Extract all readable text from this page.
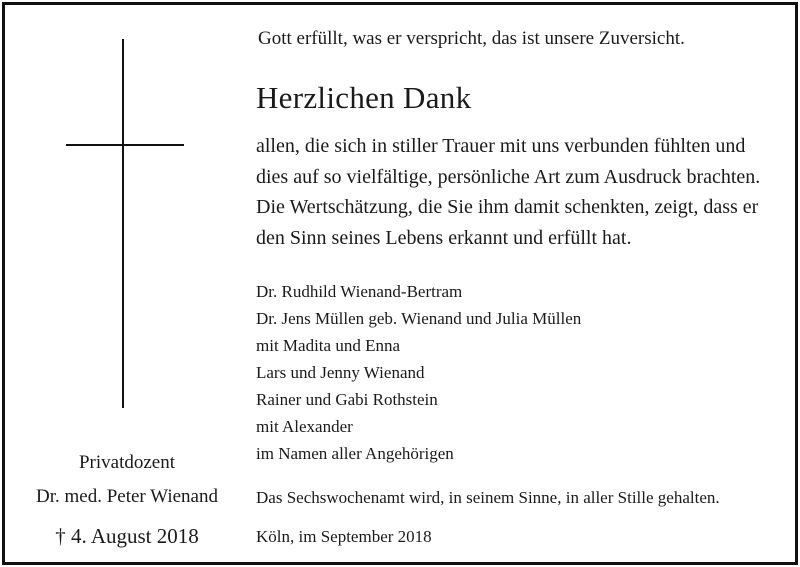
Gott erfüllt, was er verspricht, das ist unsere Zuversicht.
Herzlichen Dank
allen, die sich in stiller Trauer mit uns verbunden fühlten und
dies auf so vielfältige, persönliche Art zum Ausdruck brachten.
Die Wertschätzung, die Sie ihm damit schenkten, zeigt, dass er
den Sinn seines Lebens erkannt und erfüllt hat.
Dr. Rudhild Wienand-Bertram
Dr. Jens Müllen geb. Wienand und Julia Müllen
mit Madita und Enna
Lars und Jenny Wienand
Rainer und Gabi Rothstein
mit Alexander
im Namen aller Angehörigen
Das Sechswochenamt wird, in seinem Sinne, in aller Stille gehalten.
Köln, im September 2018
Privatdozent
Dr. med. Peter Wienand
† 4. August 2018
